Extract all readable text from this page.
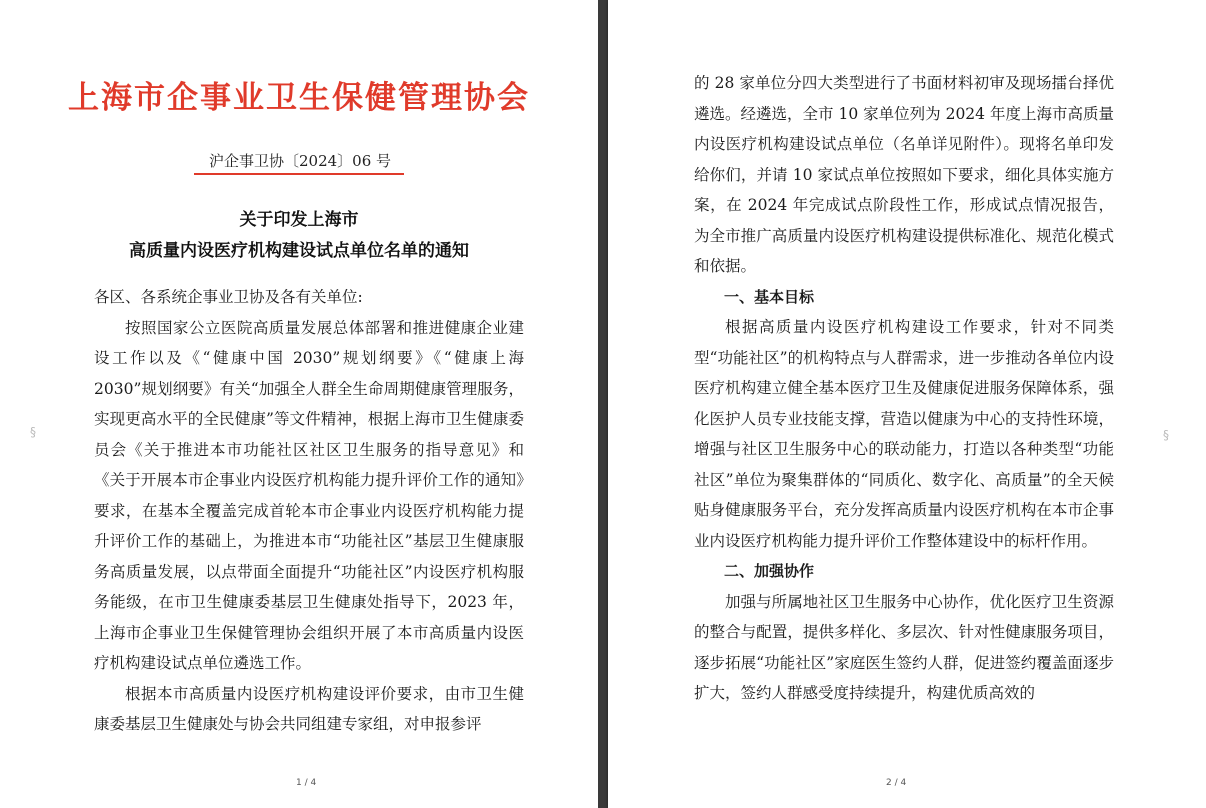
上海市企事业卫生保健管理协会
沪企事卫协〔2024〕06 号
关于印发上海市
高质量内设医疗机构建设试点单位名单的通知

各区、各系统企事业卫协及各有关单位:

按照国家公立医院高质量发展总体部署和推进健康企业建设工作以及《“健康中国 2030”规划纲要》《“健康上海 2030”规划纲要》有关“加强全人群全生命周期健康管理服务，实现更高水平的全民健康”等文件精神，根据上海市卫生健康委员会《关于推进本市功能社区社区卫生服务的指导意见》和《关于开展本市企事业内设医疗机构能力提升评价工作的通知》要求，在基本全覆盖完成首轮本市企事业内设医疗机构能力提升评价工作的基础上，为推进本市“功能社区”基层卫生健康服务高质量发展，以点带面全面提升“功能社区”内设医疗机构服务能级，在市卫生健康委基层卫生健康处指导下，2023 年，上海市企事业卫生保健管理协会组织开展了本市高质量内设医疗机构建设试点单位遴选工作。

根据本市高质量内设医疗机构建设评价要求，由市卫生健康委基层卫生健康处与协会共同组建专家组，对申报参评

§
1 / 4

的 28 家单位分四大类型进行了书面材料初审及现场擂台择优遴选。经遴选，全市 10 家单位列为 2024 年度上海市高质量内设医疗机构建设试点单位（名单详见附件）。现将名单印发给你们，并请 10 家试点单位按照如下要求，细化具体实施方案，在 2024 年完成试点阶段性工作，形成试点情况报告，为全市推广高质量内设医疗机构建设提供标准化、规范化模式和依据。

一、基本目标

根据高质量内设医疗机构建设工作要求，针对不同类型“功能社区”的机构特点与人群需求，进一步推动各单位内设医疗机构建立健全基本医疗卫生及健康促进服务保障体系，强化医护人员专业技能支撑，营造以健康为中心的支持性环境，增强与社区卫生服务中心的联动能力，打造以各种类型“功能社区”单位为聚集群体的“同质化、数字化、高质量”的全天候贴身健康服务平台，充分发挥高质量内设医疗机构在本市企事业内设医疗机构能力提升评价工作整体建设中的标杆作用。

二、加强协作

加强与所属地社区卫生服务中心协作，优化医疗卫生资源的整合与配置，提供多样化、多层次、针对性健康服务项目，逐步拓展“功能社区”家庭医生签约人群，促进签约覆盖面逐步扩大，签约人群感受度持续提升，构建优质高效的

§
2 / 4
